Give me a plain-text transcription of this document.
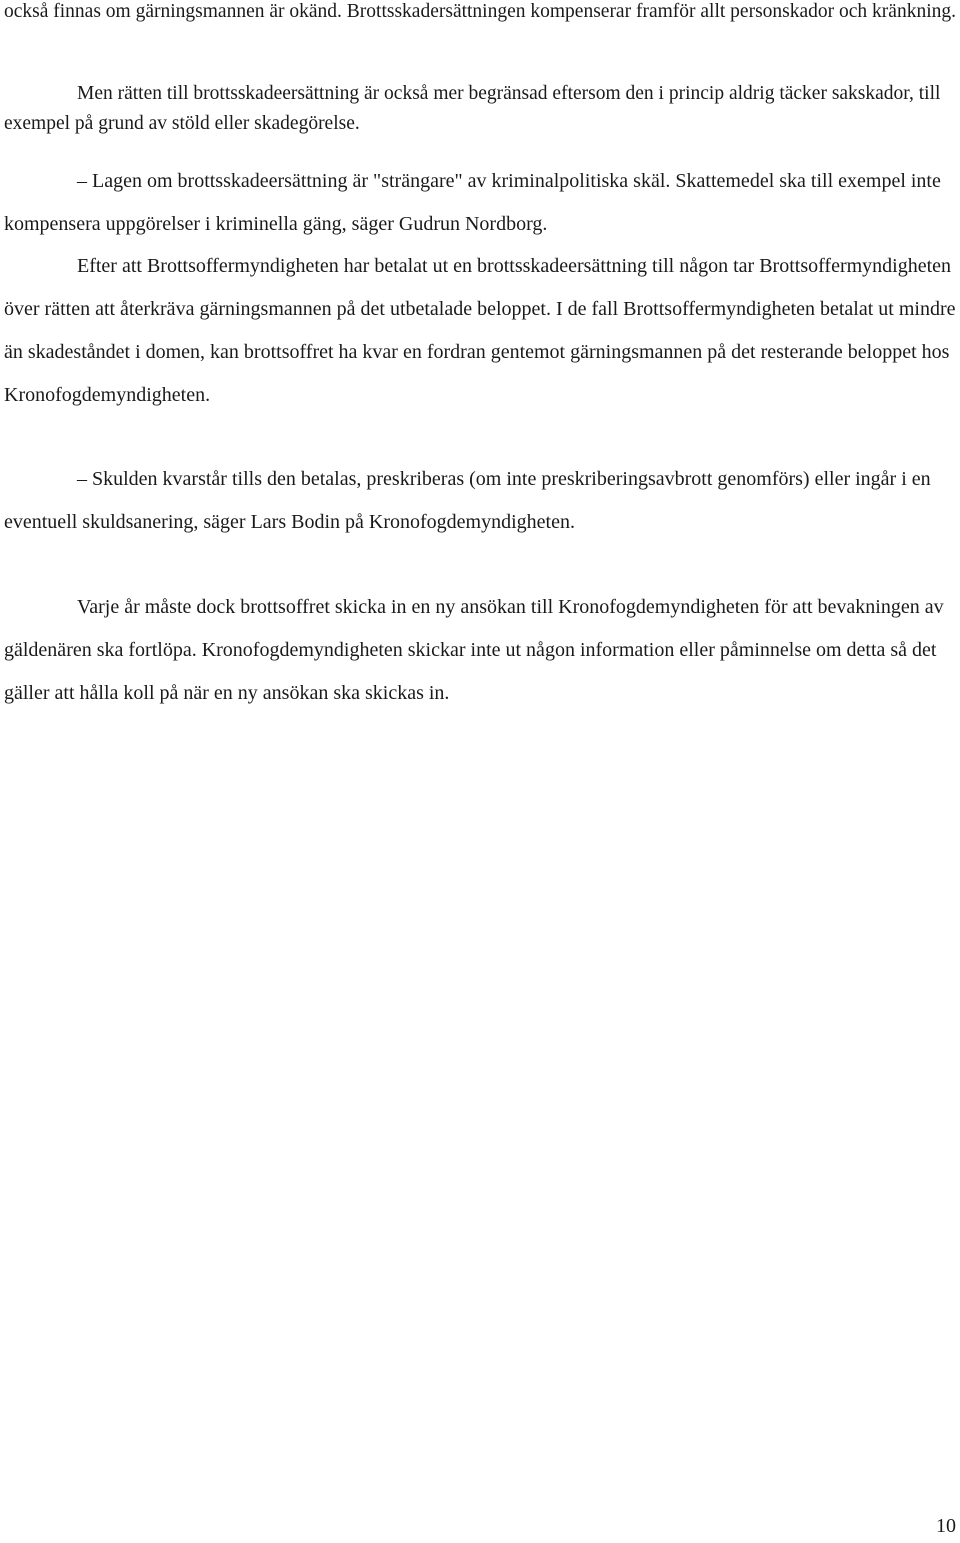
också finnas om gärningsmannen är okänd. Brottsskadersättningen kompenserar framför allt personskador och kränkning.

Men rätten till brottsskadeersättning är också mer begränsad eftersom den i princip aldrig täcker sakskador, till exempel på grund av stöld eller skadegörelse.

– Lagen om brottsskadeersättning är "strängare" av kriminalpolitiska skäl. Skattemedel ska till exempel inte kompensera uppgörelser i kriminella gäng, säger Gudrun Nordborg.

Efter att Brottsoffermyndigheten har betalat ut en brottsskadeersättning till någon tar Brottsoffermyndigheten över rätten att återkräva gärningsmannen på det utbetalade beloppet. I de fall Brottsoffermyndigheten betalat ut mindre än skadeståndet i domen, kan brottsoffret ha kvar en fordran gentemot gärningsmannen på det resterande beloppet hos Kronofogdemyndigheten.

– Skulden kvarstår tills den betalas, preskriberas (om inte preskriberingsavbrott genomförs) eller ingår i en eventuell skuldsanering, säger Lars Bodin på Kronofogdemyndigheten.

Varje år måste dock brottsoffret skicka in en ny ansökan till Kronofogdemyndigheten för att bevakningen av gäldenären ska fortlöpa. Kronofogdemyndigheten skickar inte ut någon information eller påminnelse om detta så det gäller att hålla koll på när en ny ansökan ska skickas in.

10
